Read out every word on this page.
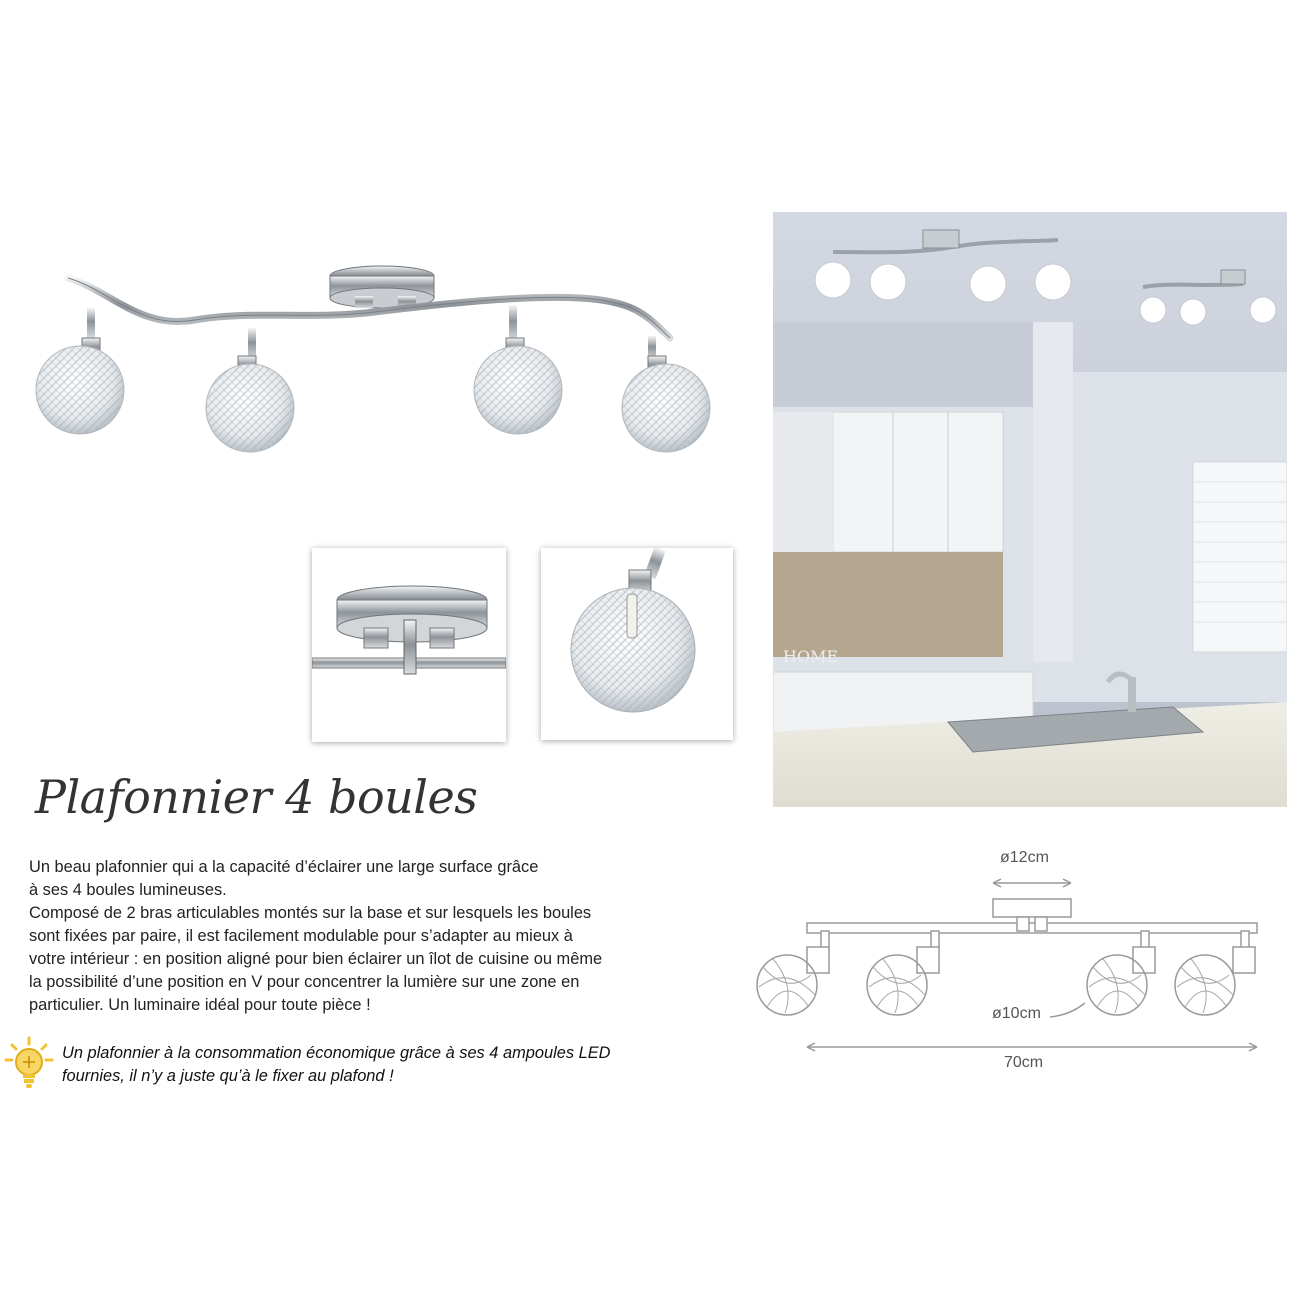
HOME
Plafonnier 4 boules

Un beau plafonnier qui a la capacité d’éclairer une large surface grâce

à ses 4 boules lumineuses.

Composé de 2 bras articulables montés sur la base et sur lesquels les boules

sont fixées par paire, il est facilement modulable pour s’adapter au mieux à

votre intérieur : en position aligné pour bien éclairer un îlot de cuisine ou même

la possibilité d’une position en V pour concentrer la lumière sur une zone en

particulier. Un luminaire idéal pour toute pièce !

Un plafonnier à la consommation économique grâce à ses 4 ampoules LED

fournies, il n’y a juste qu’à le fixer au plafond !

ø12cm
ø10cm
70cm
